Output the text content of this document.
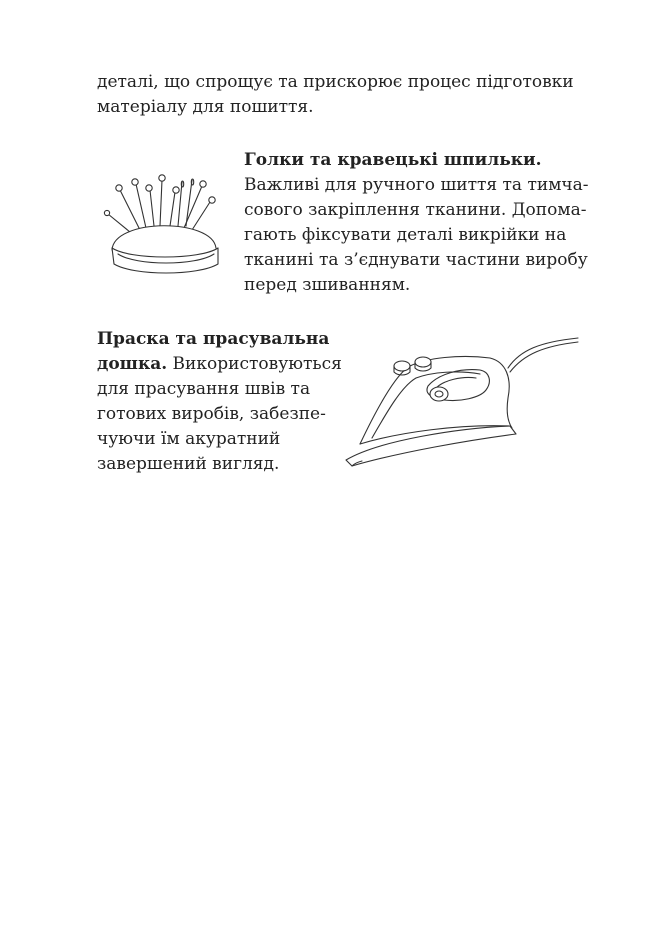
деталі, що спрощує та прискорює процес підготовки
матеріалу для пошиття.
Голки та кравецькі шпильки.
Важливі для ручного шиття та тимча-
сового закріплення тканини. Допома-
гають фіксувати деталі викрійки на
тканині та з’єднувати частини виробу
перед зшиванням.
Праска та прасувальна
дошка. Використовуються
для прасування швів та
готових виробів, забезпе-
чуючи їм акуратний
завершений вигляд.
